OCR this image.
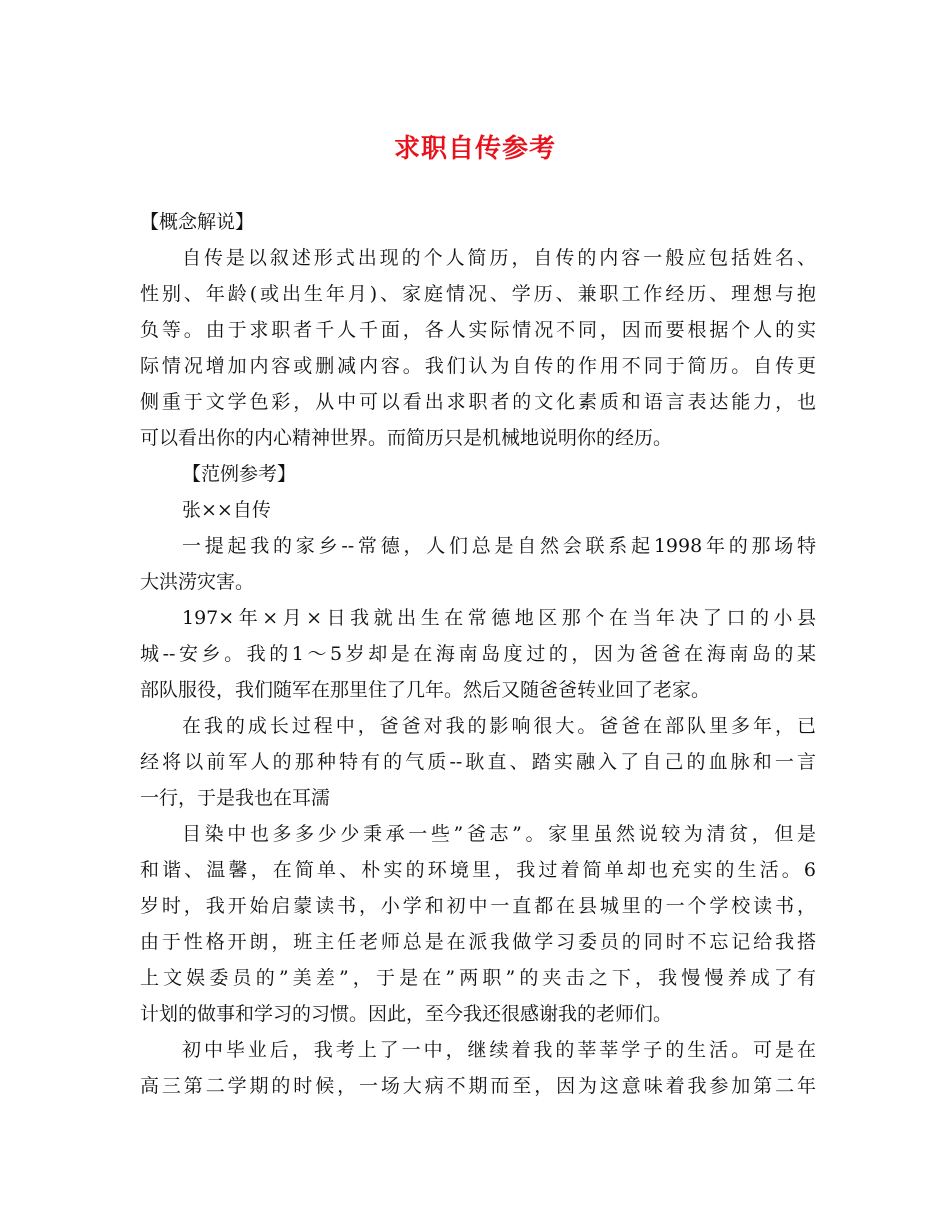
求职自传参考
【概念解说】
自传是以叙述形式出现的个人简历，自传的内容一般应包括姓名、
性别、年龄(或出生年月)、家庭情况、学历、兼职工作经历、理想与抱
负等。由于求职者千人千面，各人实际情况不同，因而要根据个人的实
际情况增加内容或删减内容。我们认为自传的作用不同于简历。自传更
侧重于文学色彩，从中可以看出求职者的文化素质和语言表达能力，也
可以看出你的内心精神世界。而简历只是机械地说明你的经历。
【范例参考】
张××自传
一提起我的家乡--常德，人们总是自然会联系起1998年的那场特
大洪涝灾害。
197×年×月×日我就出生在常德地区那个在当年决了口的小县
城--安乡。我的1～5岁却是在海南岛度过的，因为爸爸在海南岛的某
部队服役，我们随军在那里住了几年。然后又随爸爸转业回了老家。
在我的成长过程中，爸爸对我的影响很大。爸爸在部队里多年，已
经将以前军人的那种特有的气质--耿直、踏实融入了自己的血脉和一言
一行，于是我也在耳濡
目染中也多多少少秉承一些”爸志”。家里虽然说较为清贫，但是
和谐、温馨，在简单、朴实的环境里，我过着简单却也充实的生活。6
岁时，我开始启蒙读书，小学和初中一直都在县城里的一个学校读书，
由于性格开朗，班主任老师总是在派我做学习委员的同时不忘记给我搭
上文娱委员的”美差”，于是在”两职”的夹击之下，我慢慢养成了有
计划的做事和学习的习惯。因此，至今我还很感谢我的老师们。
初中毕业后，我考上了一中，继续着我的莘莘学子的生活。可是在
高三第二学期的时候，一场大病不期而至，因为这意味着我参加第二年
